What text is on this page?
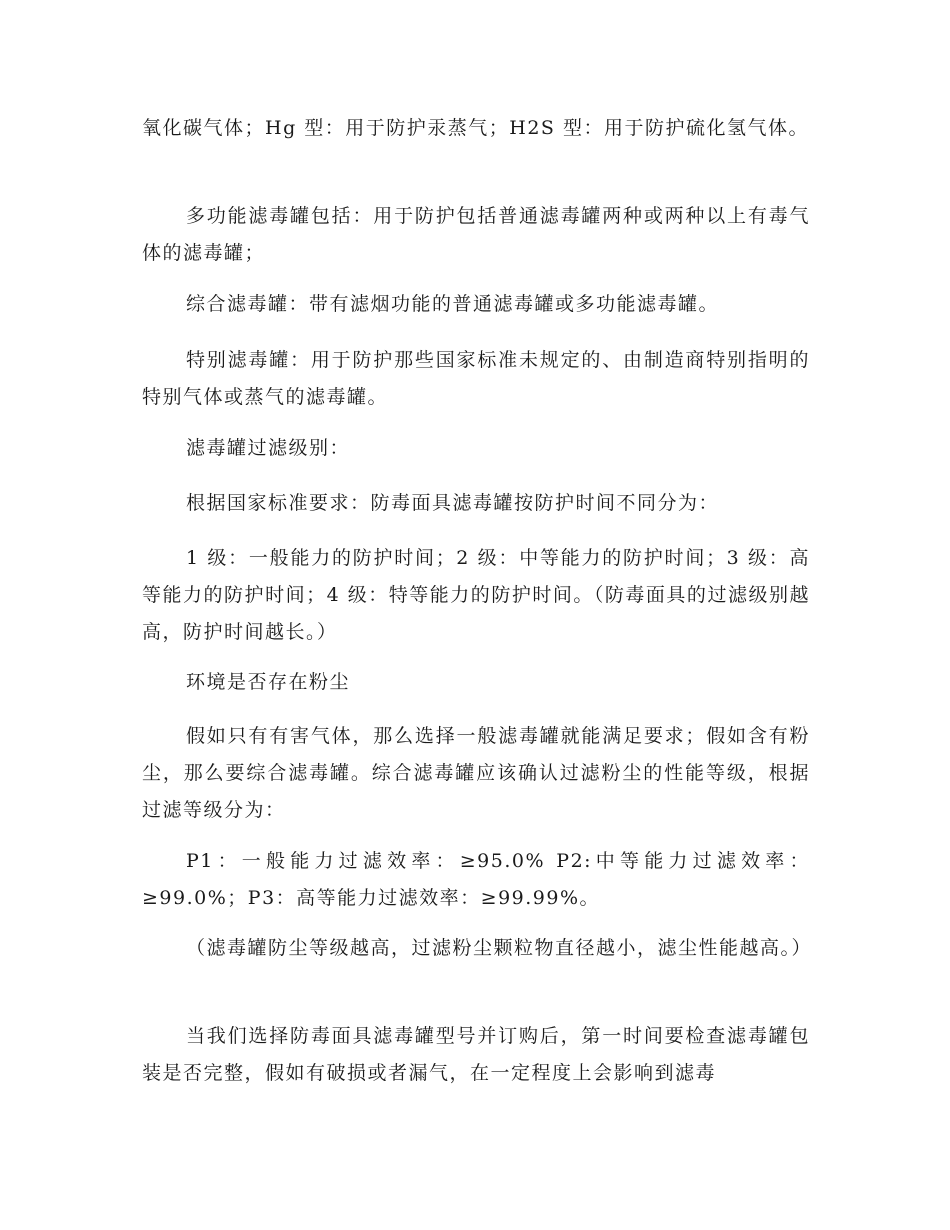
氧化碳气体；Hg 型：用于防护汞蒸气；H2S 型：用于防护硫化氢气体。

多功能滤毒罐包括：用于防护包括普通滤毒罐两种或两种以上有毒气体的滤毒罐；

综合滤毒罐：带有滤烟功能的普通滤毒罐或多功能滤毒罐。

特别滤毒罐：用于防护那些国家标准未规定的、由制造商特别指明的特别气体或蒸气的滤毒罐。

滤毒罐过滤级别：

根据国家标准要求：防毒面具滤毒罐按防护时间不同分为：

1 级：一般能力的防护时间；2 级：中等能力的防护时间；3 级：高等能力的防护时间；4 级：特等能力的防护时间。（防毒面具的过滤级别越高，防护时间越长。）

环境是否存在粉尘

假如只有有害气体，那么选择一般滤毒罐就能满足要求；假如含有粉尘，那么要综合滤毒罐。综合滤毒罐应该确认过滤粉尘的性能等级，根据过滤等级分为：

P1：一般能力过滤效率：≥95.0% P2:中等能力过滤效率：≥99.0%；P3：高等能力过滤效率：≥99.99%。

（滤毒罐防尘等级越高，过滤粉尘颗粒物直径越小，滤尘性能越高。）

当我们选择防毒面具滤毒罐型号并订购后，第一时间要检查滤毒罐包装是否完整，假如有破损或者漏气，在一定程度上会影响到滤毒
